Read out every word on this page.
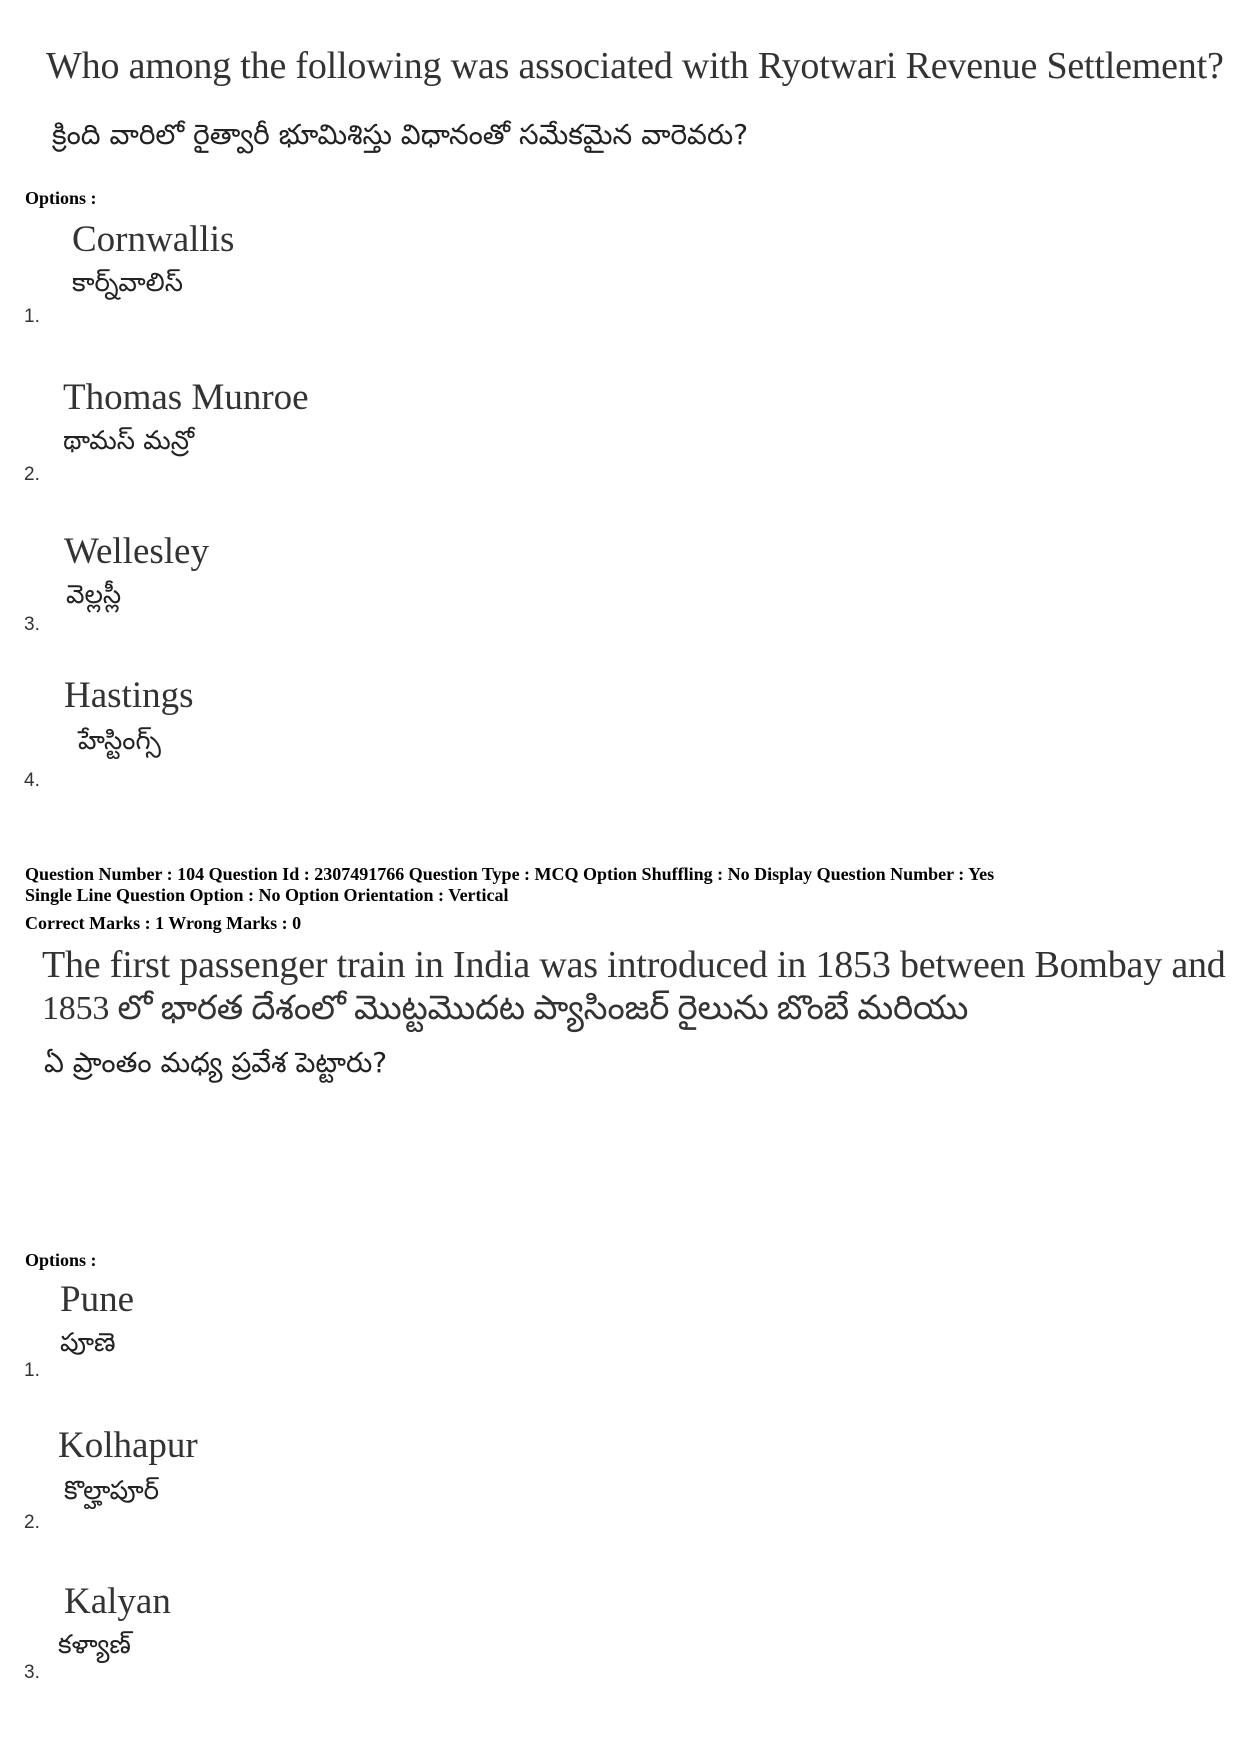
Who among the following was associated with Ryotwari Revenue Settlement?
క్రింది వారిలో రైత్వారీ భూమిశిస్తు విధానంతో సమేకమైన వారెవరు?
Options :
Cornwallis
కార్న్‌వాలిస్
1.
Thomas Munroe
థామస్ మన్రో
2.
Wellesley
వెల్లస్లీ
3.
Hastings
హేస్టింగ్స్
4.
Question Number : 104 Question Id : 2307491766 Question Type : MCQ Option Shuffling : No Display Question Number : Yes
Single Line Question Option : No Option Orientation : Vertical
Correct Marks : 1 Wrong Marks : 0
The first passenger train in India was introduced in 1853 between Bombay and
1853 లో భారత దేశంలో మొట్టమొదట ప్యాసింజర్ రైలును బొంబే మరియు
ఏ ప్రాంతం మధ్య ప్రవేశ పెట్టారు?
Options :
Pune
పూణె
1.
Kolhapur
కొల్హాపూర్
2.
Kalyan
కళ్యాణ్
3.
